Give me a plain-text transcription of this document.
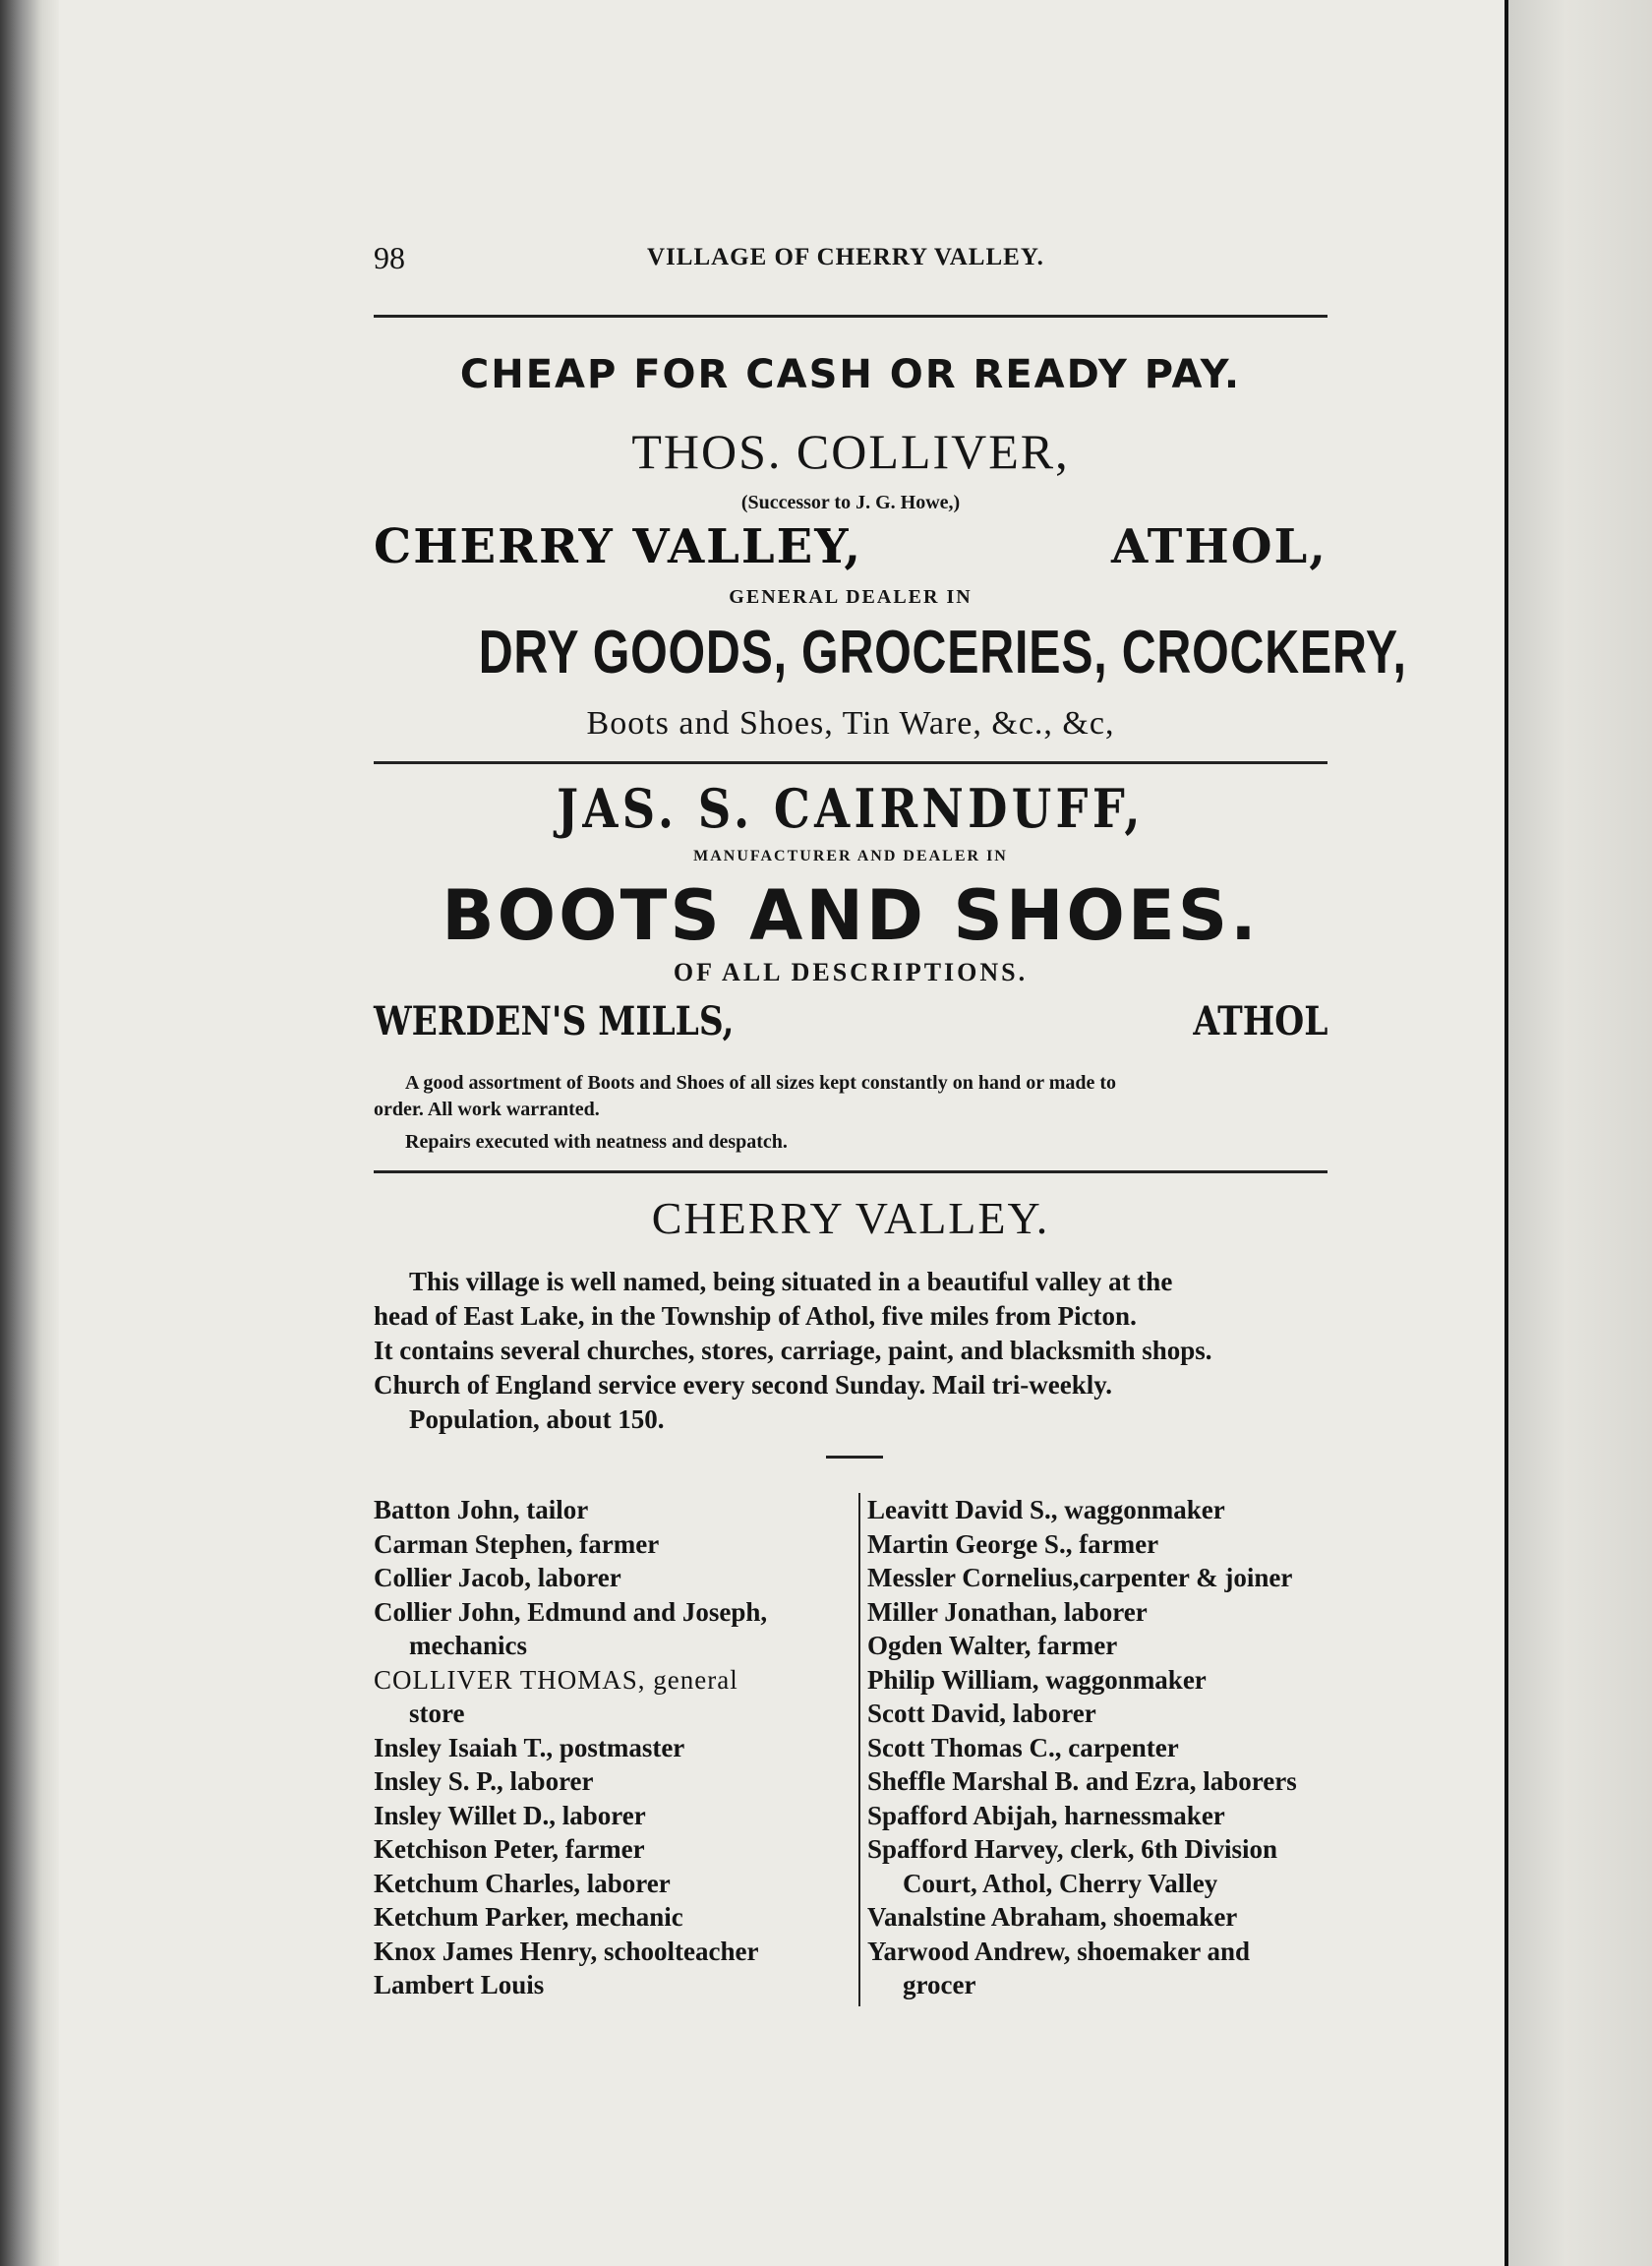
98	VILLAGE OF CHERRY VALLEY.
CHEAP FOR CASH OR READY PAY.
THOS. COLLIVER,
(Successor to J. G. Howe,)
CHERRY VALLEY,	ATHOL,
GENERAL DEALER IN
DRY GOODS, GROCERIES, CROCKERY,
Boots and Shoes, Tin Ware, &c., &c,
JAS. S. CAIRNDUFF,
MANUFACTURER AND DEALER IN
BOOTS AND SHOES.
OF ALL DESCRIPTIONS.
WERDEN'S MILLS,	ATHOL
A good assortment of Boots and Shoes of all sizes kept constantly on hand or made to
order. All work warranted.
Repairs executed with neatness and despatch.
CHERRY VALLEY.
This village is well named, being situated in a beautiful valley at the
head of East Lake, in the Township of Athol, five miles from Picton.
It contains several churches, stores, carriage, paint, and blacksmith shops.
Church of England service every second Sunday. Mail tri-weekly.
Population, about 150.
Batton John, tailor
Carman Stephen, farmer
Collier Jacob, laborer
Collier John, Edmund and Joseph,
mechanics
COLLIVER THOMAS, general
store
Insley Isaiah T., postmaster
Insley S. P., laborer
Insley Willet D., laborer
Ketchison Peter, farmer
Ketchum Charles, laborer
Ketchum Parker, mechanic
Knox James Henry, schoolteacher
Lambert Louis
Leavitt David S., waggonmaker
Martin George S., farmer
Messler Cornelius,carpenter & joiner
Miller Jonathan, laborer
Ogden Walter, farmer
Philip William, waggonmaker
Scott David, laborer
Scott Thomas C., carpenter
Sheffle Marshal B. and Ezra, laborers
Spafford Abijah, harnessmaker
Spafford Harvey, clerk, 6th Division
Court, Athol, Cherry Valley
Vanalstine Abraham, shoemaker
Yarwood Andrew, shoemaker and
grocer
